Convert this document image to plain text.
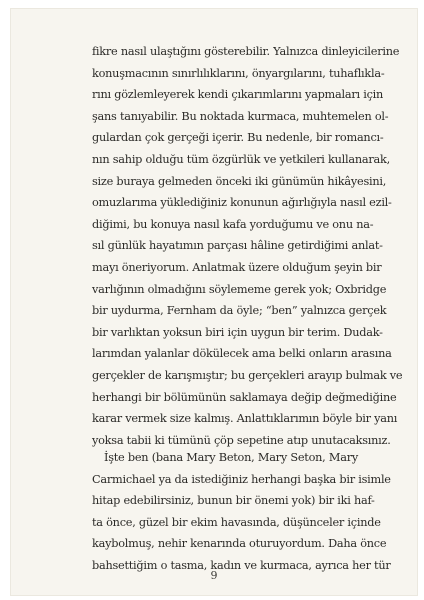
fikre nasıl ulaştığını gösterebilir. Yalnızca dinleyicilerine
konuşmacının sınırlılıklarını, önyargılarını, tuhaflıkla-
rını gözlemleyerek kendi çıkarımlarını yapmaları için
şans tanıyabilir. Bu noktada kurmaca, muhtemelen ol-
gulardan çok gerçeği içerir. Bu nedenle, bir romancı-
nın sahip olduğu tüm özgürlük ve yetkileri kullanarak,
size buraya gelmeden önceki iki günümün hikâyesini,
omuzlarıma yüklediğiniz konunun ağırlığıyla nasıl ezil-
diğimi, bu konuya nasıl kafa yorduğumu ve onu na-
sıl günlük hayatımın parçası hâline getirdiğimi anlat-
mayı öneriyorum. Anlatmak üzere olduğum şeyin bir
varlığının olmadığını söylememe gerek yok; Oxbridge
bir uydurma, Fernham da öyle; “ben” yalnızca gerçek
bir varlıktan yoksun biri için uygun bir terim. Dudak-
larımdan yalanlar dökülecek ama belki onların arasına
gerçekler de karışmıştır; bu gerçekleri arayıp bulmak ve
herhangi bir bölümünün saklamaya değip değmediğine
karar vermek size kalmış. Anlattıklarımın böyle bir yanı
yoksa tabii ki tümünü çöp sepetine atıp unutacaksınız.
İşte ben (bana Mary Beton, Mary Seton, Mary
Carmichael ya da istediğiniz herhangi başka bir isimle
hitap edebilirsiniz, bunun bir önemi yok) bir iki haf-
ta önce, güzel bir ekim havasında, düşünceler içinde
kaybolmuş, nehir kenarında oturuyordum. Daha önce
bahsettiğim o tasma, kadın ve kurmaca, ayrıca her tür
9
